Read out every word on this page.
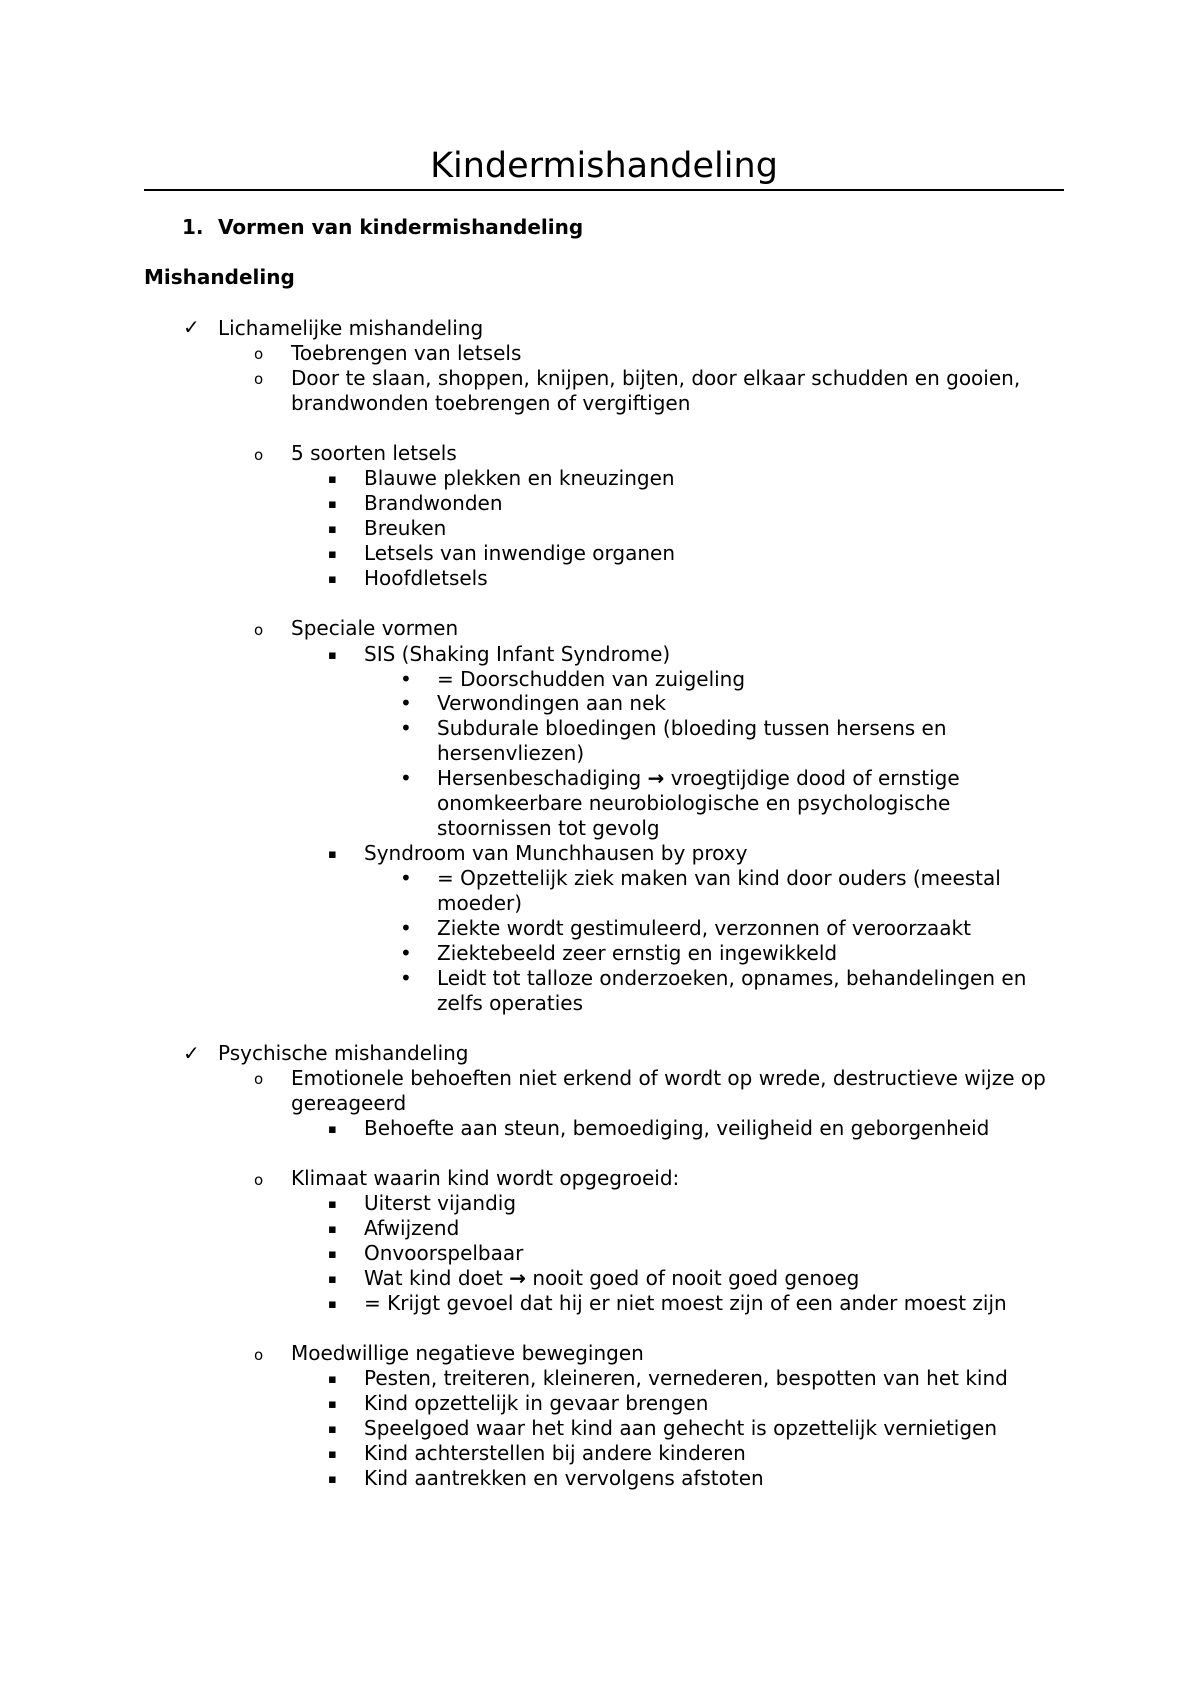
Kindermishandeling
1. Vormen van kindermishandeling
Mishandeling
✓ Lichamelijke mishandeling
o Toebrengen van letsels
o Door te slaan, shoppen, knijpen, bijten, door elkaar schudden en gooien,
brandwonden toebrengen of vergiftigen
o 5 soorten letsels
▪ Blauwe plekken en kneuzingen
▪ Brandwonden
▪ Breuken
▪ Letsels van inwendige organen
▪ Hoofdletsels
o Speciale vormen
▪ SIS (Shaking Infant Syndrome)
• = Doorschudden van zuigeling
• Verwondingen aan nek
• Subdurale bloedingen (bloeding tussen hersens en
hersenvliezen)
• Hersenbeschadiging → vroegtijdige dood of ernstige
onomkeerbare neurobiologische en psychologische
stoornissen tot gevolg
▪ Syndroom van Munchhausen by proxy
• = Opzettelijk ziek maken van kind door ouders (meestal
moeder)
• Ziekte wordt gestimuleerd, verzonnen of veroorzaakt
• Ziektebeeld zeer ernstig en ingewikkeld
• Leidt tot talloze onderzoeken, opnames, behandelingen en
zelfs operaties
✓ Psychische mishandeling
o Emotionele behoeften niet erkend of wordt op wrede, destructieve wijze op
gereageerd
▪ Behoefte aan steun, bemoediging, veiligheid en geborgenheid
o Klimaat waarin kind wordt opgegroeid:
▪ Uiterst vijandig
▪ Afwijzend
▪ Onvoorspelbaar
▪ Wat kind doet → nooit goed of nooit goed genoeg
▪ = Krijgt gevoel dat hij er niet moest zijn of een ander moest zijn
o Moedwillige negatieve bewegingen
▪ Pesten, treiteren, kleineren, vernederen, bespotten van het kind
▪ Kind opzettelijk in gevaar brengen
▪ Speelgoed waar het kind aan gehecht is opzettelijk vernietigen
▪ Kind achterstellen bij andere kinderen
▪ Kind aantrekken en vervolgens afstoten
